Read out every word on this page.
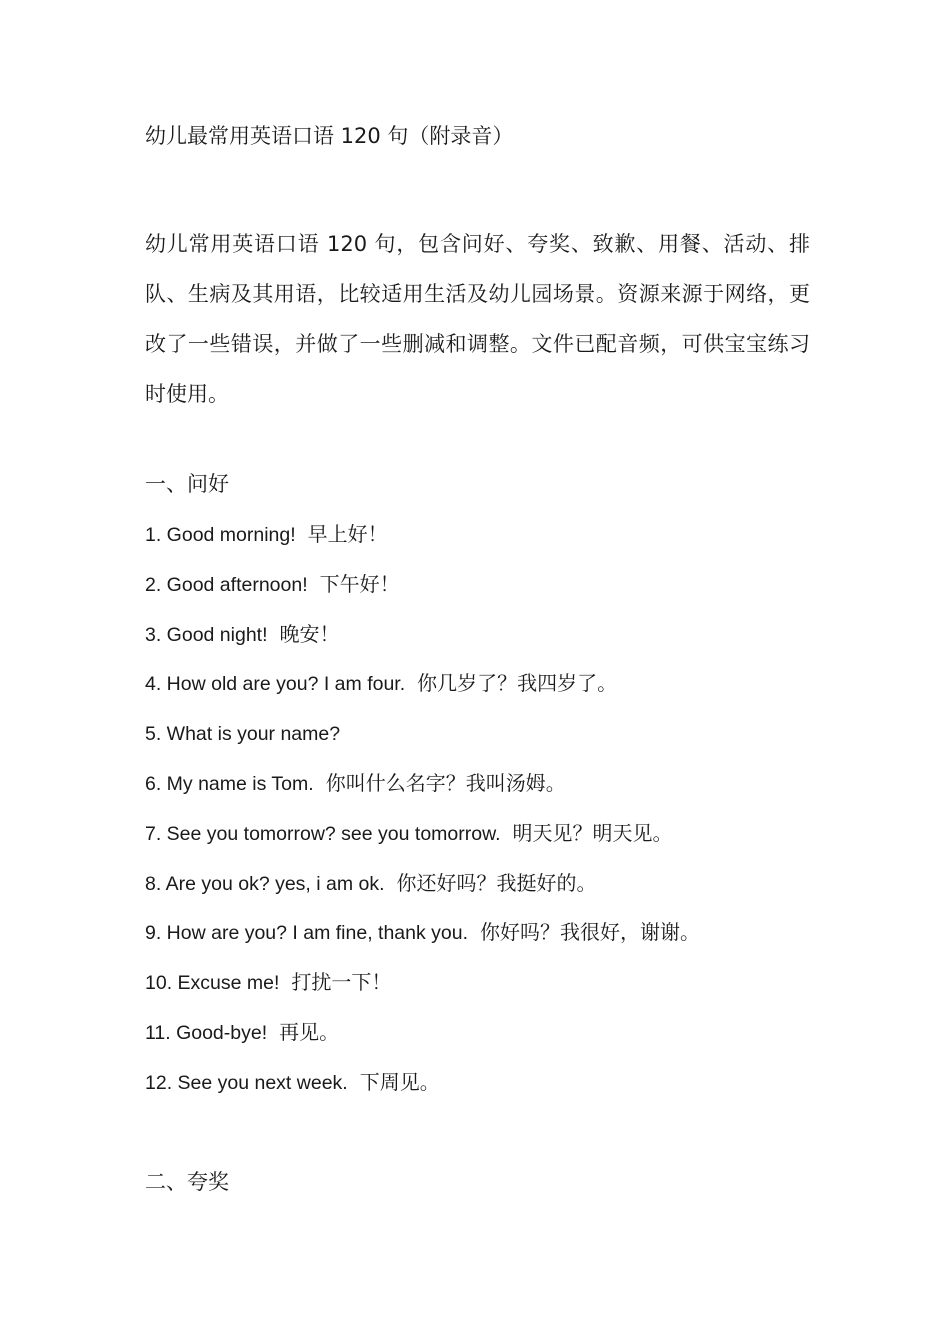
幼儿最常用英语口语 120 句（附录音）
幼儿常用英语口语 120 句，包含问好、夸奖、致歉、用餐、活动、排队、生病及其用语，比较适用生活及幼儿园场景。资源来源于网络，更改了一些错误，并做了一些删减和调整。文件已配音频，可供宝宝练习时使用。
一、问好
1. Good morning! 早上好！
2. Good afternoon! 下午好！
3. Good night! 晚安！
4. How old are you? I am four. 你几岁了？我四岁了。
5. What is your name?
6. My name is Tom. 你叫什么名字？我叫汤姆。
7. See you tomorrow? see you tomorrow. 明天见？明天见。
8. Are you ok? yes, i am ok. 你还好吗？我挺好的。
9. How are you? I am fine, thank you. 你好吗？我很好，谢谢。
10. Excuse me! 打扰一下！
11. Good-bye! 再见。
12. See you next week. 下周见。
二、夸奖
